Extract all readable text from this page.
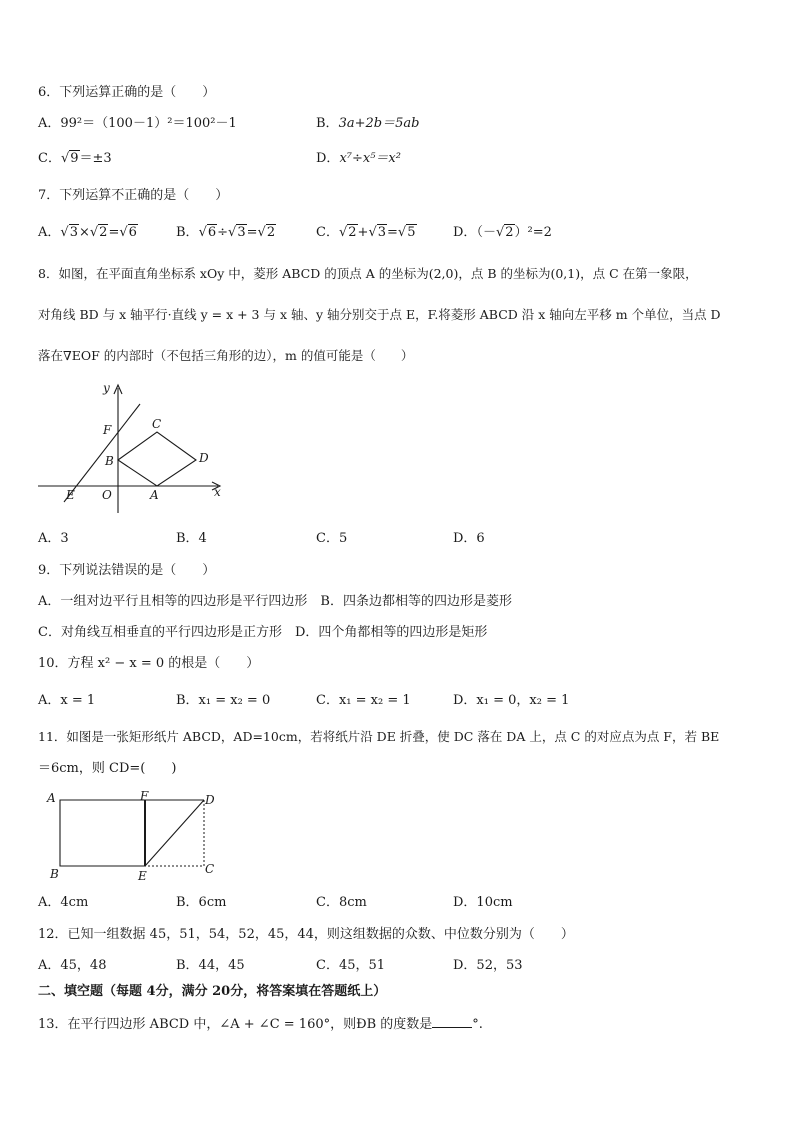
6．下列运算正确的是（　　）
A．99²＝（100－1）²＝100²－1	B．3a+2b＝5ab
C．√9＝±3	D．x⁷÷x⁵＝x²
7．下列运算不正确的是（　　）
A．√3×√2=√6	B．√6÷√3=√2	C．√2+√3=√5	D．（－√2）²=2
8．如图，在平面直角坐标系 xOy 中，菱形 ABCD 的顶点 A 的坐标为(2,0)，点 B 的坐标为(0,1)，点 C 在第一象限，
对角线 BD 与 x 轴平行·直线 y = x + 3 与 x 轴、y 轴分别交于点 E，F.将菱形 ABCD 沿 x 轴向左平移 m 个单位，当点 D
落在∇EOF 的内部时（不包括三角形的边），m 的值可能是（　　）
y
F	C
B	D
E O	A	x
A．3	B．4	C．5	D．6
9．下列说法错误的是（　　）
A．一组对边平行且相等的四边形是平行四边形　B．四条边都相等的四边形是菱形
C．对角线互相垂直的平行四边形是正方形　D．四个角都相等的四边形是矩形
10．方程 x² − x = 0 的根是（　　）
A．x = 1	B．x₁ = x₂ = 0	C．x₁ = x₂ = 1	D．x₁ = 0，x₂ = 1
11．如图是一张矩形纸片 ABCD，AD=10cm，若将纸片沿 DE 折叠，使 DC 落在 DA 上，点 C 的对应点为点 F，若 BE
＝6cm，则 CD=(　　)
A	F	D
B	E	C
A．4cm	B．6cm	C．8cm	D．10cm
12．已知一组数据 45，51，54，52，45，44，则这组数据的众数、中位数分别为（　　）
A．45，48	B．44，45	C．45，51	D．52，53
二、填空题（每题 4分，满分 20分，将答案填在答题纸上）
13．在平行四边形 ABCD 中，∠A + ∠C = 160°，则ÐB 的度数是	°.
